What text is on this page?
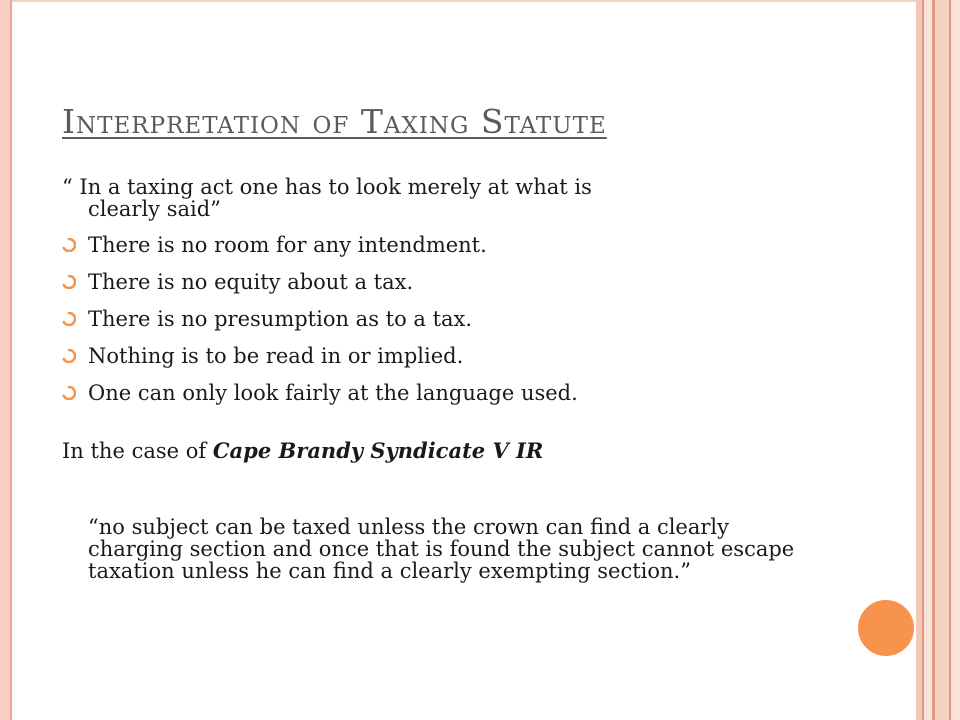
Interpretation of Taxing Statute
“ In a taxing act one has to look merely at what is
clearly said”
There is no room for any intendment.
There is no equity about a tax.
There is no presumption as to a tax.
Nothing is to be read in or implied.
One can only look fairly at the language used.
In the case of Cape Brandy Syndicate V IR
“no subject can be taxed unless the crown can find a clearly charging section and once that is found the subject cannot escape taxation unless he can find a clearly exempting section.”
